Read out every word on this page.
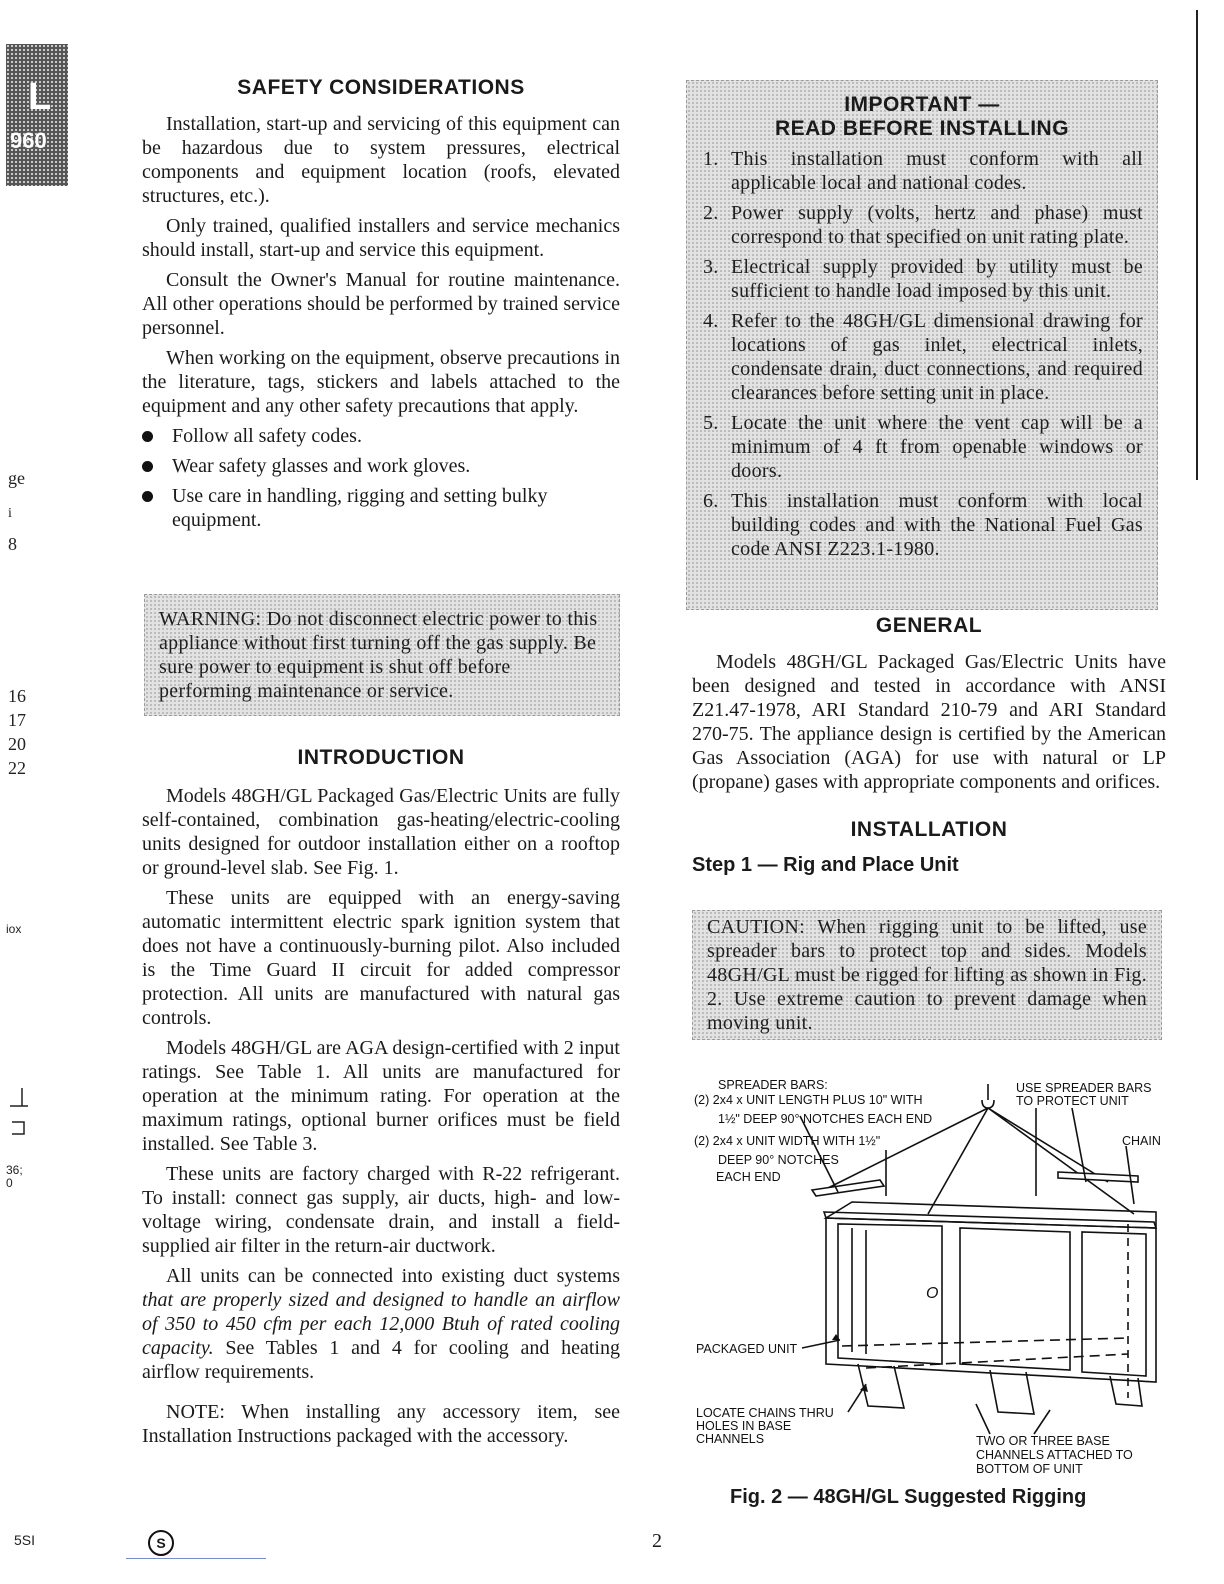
L
960
ge
i
8
16
17
20
22
iox
36;
0
5SI
SAFETY CONSIDERATIONS

Installation, start-up and servicing of this equipment can be hazardous due to system pressures, electrical components and equipment location (roofs, elevated structures, etc.).

Only trained, qualified installers and service mechanics should install, start-up and service this equipment.

Consult the Owner's Manual for routine maintenance. All other operations should be performed by trained service personnel.

When working on the equipment, observe precautions in the literature, tags, stickers and labels attached to the equipment and any other safety precautions that apply.

Follow all safety codes.
Wear safety glasses and work gloves.
Use care in handling, rigging and setting bulky equipment.
WARNING: Do not disconnect electric power to this appliance without first turning off the gas supply. Be sure power to equipment is shut off before performing maintenance or service.
INTRODUCTION

Models 48GH/GL Packaged Gas/Electric Units are fully self-contained, combination gas-heating/electric-cooling units designed for outdoor installation either on a rooftop or ground-level slab. See Fig. 1.

These units are equipped with an energy-saving automatic intermittent electric spark ignition system that does not have a continuously-burning pilot. Also included is the Time Guard II circuit for added compressor protection. All units are manufactured with natural gas controls.

Models 48GH/GL are AGA design-certified with 2 input ratings. See Table 1. All units are manufactured for operation at the minimum rating. For operation at the maximum ratings, optional burner orifices must be field installed. See Table 3.

These units are factory charged with R-22 refrigerant. To install: connect gas supply, air ducts, high- and low-voltage wiring, condensate drain, and install a field-supplied air filter in the return-air ductwork.

All units can be connected into existing duct systems that are properly sized and designed to handle an airflow of 350 to 450 cfm per each 12,000 Btuh of rated cooling capacity. See Tables 1 and 4 for cooling and heating airflow requirements.

NOTE: When installing any accessory item, see Installation Instructions packaged with the accessory.

IMPORTANT —
READ BEFORE INSTALLING
1. This installation must conform with all applicable local and national codes.
2. Power supply (volts, hertz and phase) must correspond to that specified on unit rating plate.
3. Electrical supply provided by utility must be sufficient to handle load imposed by this unit.
4. Refer to the 48GH/GL dimensional drawing for locations of gas inlet, electrical inlets, condensate drain, duct connections, and required clearances before setting unit in place.
5. Locate the unit where the vent cap will be a minimum of 4 ft from openable windows or doors.
6. This installation must conform with local building codes and with the National Fuel Gas code ANSI Z223.1-1980.
GENERAL

Models 48GH/GL Packaged Gas/Electric Units have been designed and tested in accordance with ANSI Z21.47-1978, ARI Standard 210-79 and ARI Standard 270-75. The appliance design is certified by the American Gas Association (AGA) for use with natural or LP (propane) gases with appropriate components and orifices.

INSTALLATION
Step 1 — Rig and Place Unit
CAUTION: When rigging unit to be lifted, use spreader bars to protect top and sides. Models 48GH/GL must be rigged for lifting as shown in Fig. 2. Use extreme caution to prevent damage when moving unit.
O
SPREADER BARS:
(2) 2x4 x UNIT LENGTH PLUS 10" WITH
1½" DEEP 90° NOTCHES EACH END
(2) 2x4 x UNIT WIDTH WITH 1½"
DEEP 90° NOTCHES
EACH END
USE SPREADER BARS
TO PROTECT UNIT
CHAIN
PACKAGED UNIT
LOCATE CHAINS THRU
HOLES IN BASE
CHANNELS	TWO OR THREE BASE
CHANNELS ATTACHED TO
BOTTOM OF UNIT
Fig. 2 — 48GH/GL Suggested Rigging
S	2
